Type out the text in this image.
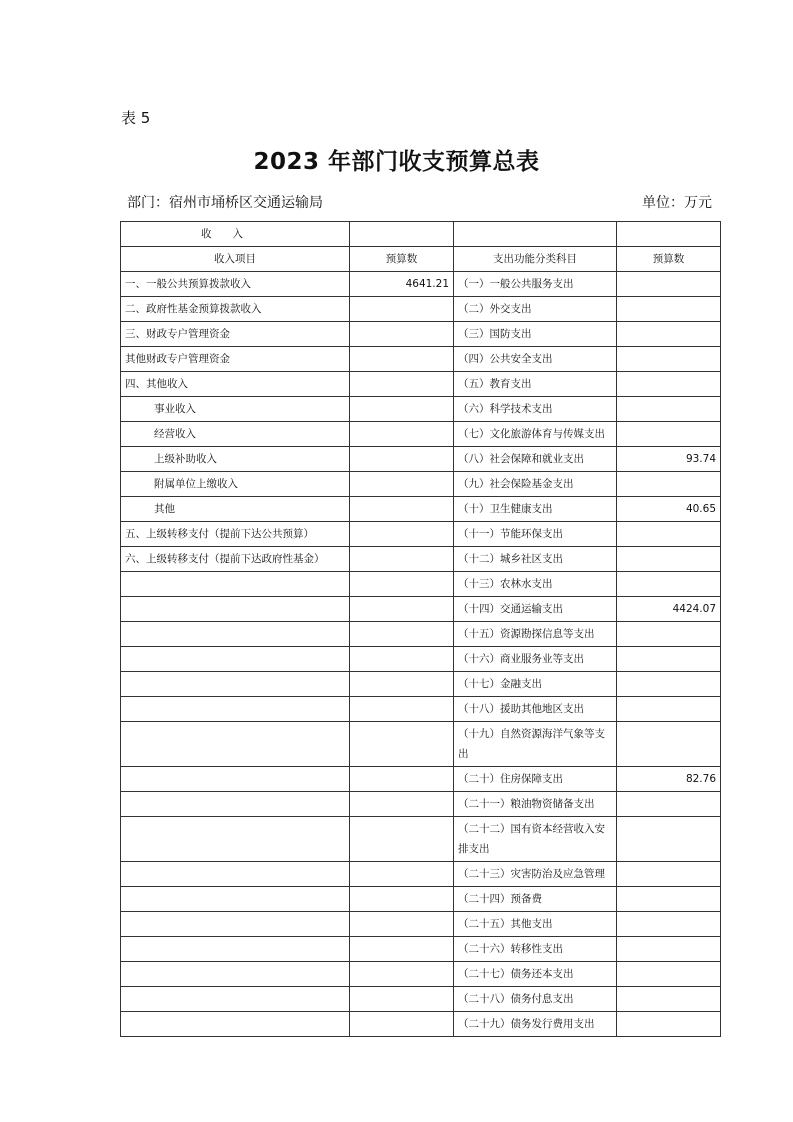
表 5
2023 年部门收支预算总表
部门：宿州市埇桥区交通运输局	单位：万元
收　　入			
收入项目	预算数	支出功能分类科目	预算数
一、一般公共预算拨款收入	4641.21	（一）一般公共服务支出	
二、政府性基金预算拨款收入		（二）外交支出	
三、财政专户管理资金		（三）国防支出	
其他财政专户管理资金		（四）公共安全支出	
四、其他收入		（五）教育支出	
事业收入		（六）科学技术支出	
经营收入		（七）文化旅游体育与传媒支出	
上级补助收入		（八）社会保障和就业支出	93.74
附属单位上缴收入		（九）社会保险基金支出	
其他		（十）卫生健康支出	40.65
五、上级转移支付（提前下达公共预算）		（十一）节能环保支出	
六、上级转移支付（提前下达政府性基金）		（十二）城乡社区支出	
		（十三）农林水支出	
		（十四）交通运输支出	4424.07
		（十五）资源勘探信息等支出	
		（十六）商业服务业等支出	
		（十七）金融支出	
		（十八）援助其他地区支出	
		（十九）自然资源海洋气象等支出	
		（二十）住房保障支出	82.76
		（二十一）粮油物资储备支出	
		（二十二）国有资本经营收入安排支出	
		（二十三）灾害防治及应急管理	
		（二十四）预备费	
		（二十五）其他支出	
		（二十六）转移性支出	
		（二十七）债务还本支出	
		（二十八）债务付息支出	
		（二十九）债务发行费用支出	
